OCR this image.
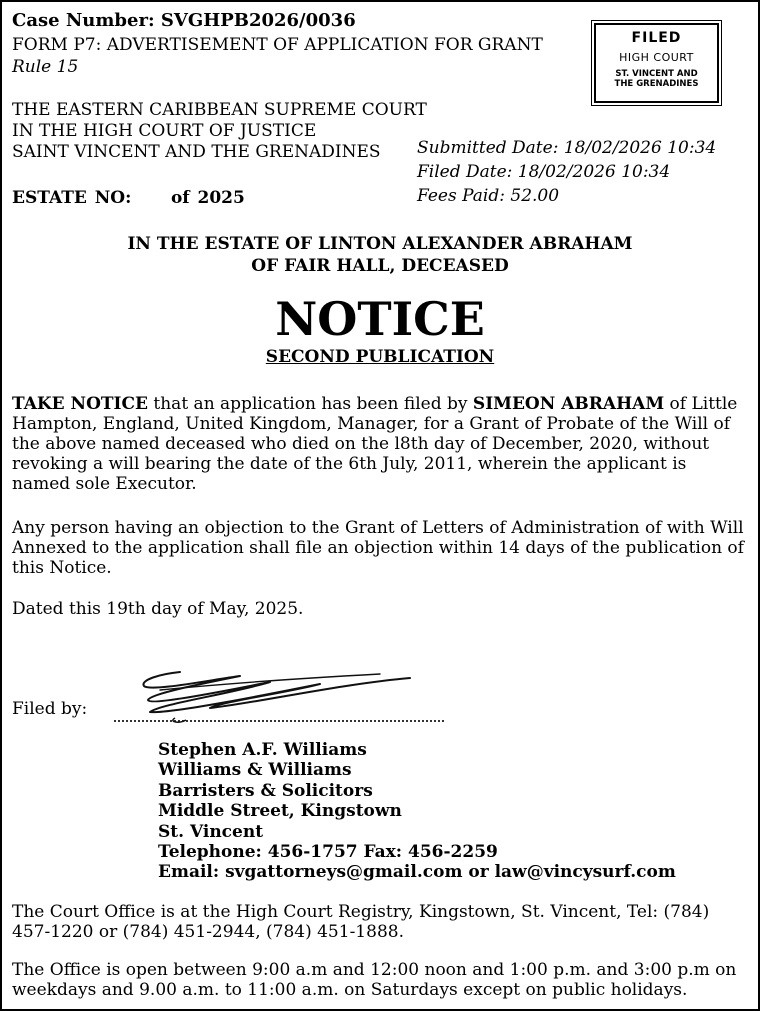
Case Number: SVGHPB2026/0036
FORM P7: ADVERTISEMENT OF APPLICATION FOR GRANT
Rule 15
FILED
HIGH COURT
ST. VINCENT AND
THE GRENADINES
THE EASTERN CARIBBEAN SUPREME COURT
IN THE HIGH COURT OF JUSTICE
SAINT VINCENT AND THE GRENADINES	Submitted Date: 18/02/2026 10:34
Filed Date: 18/02/2026 10:34
Fees Paid: 52.00
ESTATE NO:     of 2025
IN THE ESTATE OF LINTON ALEXANDER ABRAHAM
OF FAIR HALL, DECEASED
NOTICE
SECOND PUBLICATION
TAKE NOTICE that an application has been filed by SIMEON ABRAHAM of Little Hampton, England, United Kingdom, Manager, for a Grant of Probate of the Will of the above named deceased who died on the l8th day of December, 2020, without revoking a will bearing the date of the 6th July, 2011, wherein the applicant is named sole Executor.
Any person having an objection to the Grant of Letters of Administration of with Will Annexed to the application shall file an objection within 14 days of the publication of this Notice.
Dated this 19th day of May, 2025.
Filed by:
Stephen A.F. Williams
Williams & Williams
Barristers & Solicitors
Middle Street, Kingstown
St. Vincent
Telephone: 456-1757 Fax: 456-2259
Email: svgattorneys@gmail.com or law@vincysurf.com
The Court Office is at the High Court Registry, Kingstown, St. Vincent, Tel: (784) 457-1220 or (784) 451-2944, (784) 451-1888.
The Office is open between 9:00 a.m and 12:00 noon and 1:00 p.m. and 3:00 p.m on weekdays and 9.00 a.m. to 11:00 a.m. on Saturdays except on public holidays.
